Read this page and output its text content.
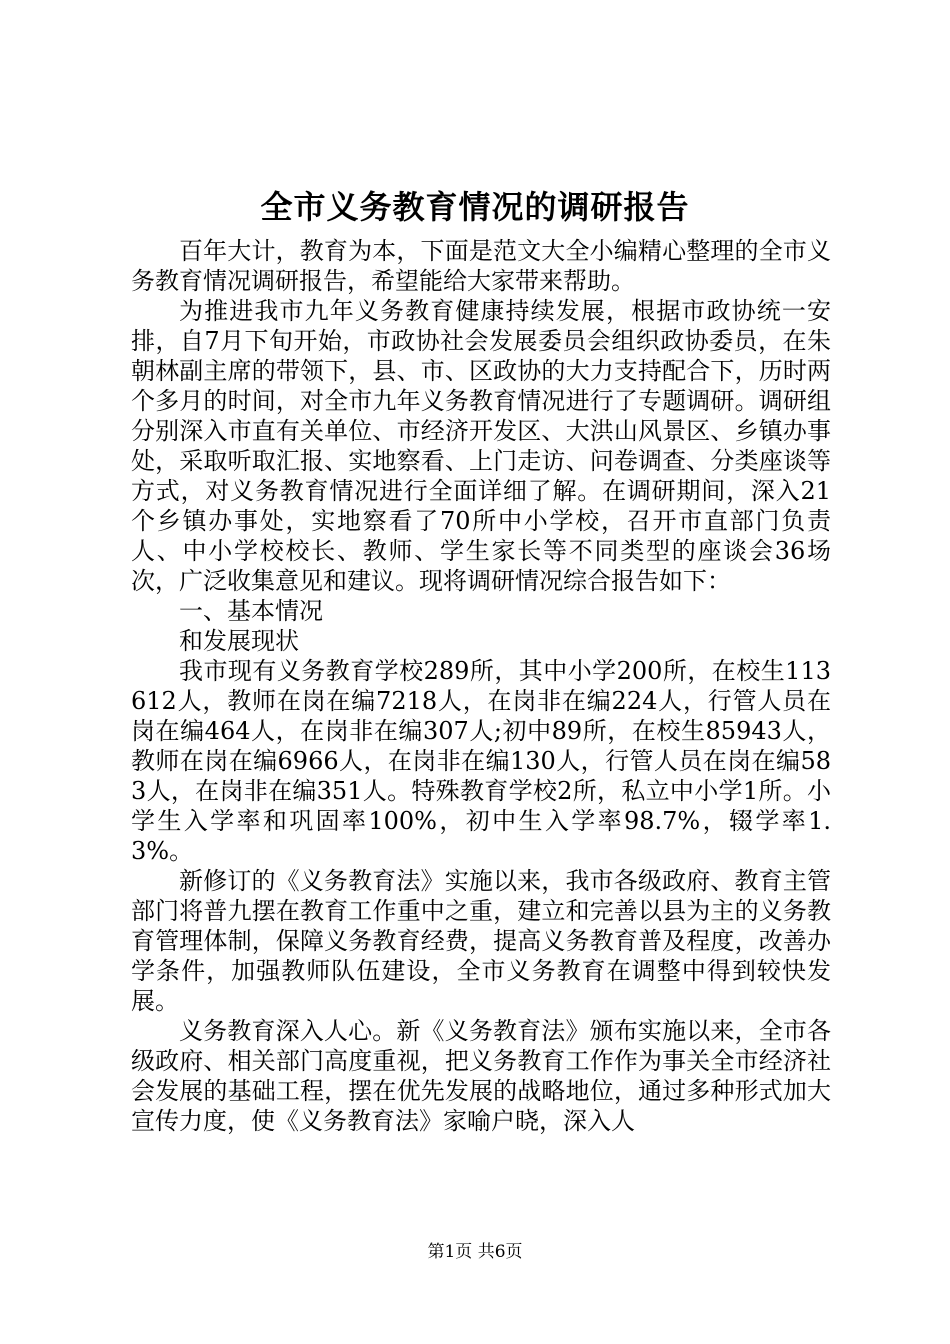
全市义务教育情况的调研报告

百年大计，教育为本，下面是范文大全小编精心整理的全市义务教育情况调研报告，希望能给大家带来帮助。

为推进我市九年义务教育健康持续发展，根据市政协统一安排，自7月下旬开始，市政协社会发展委员会组织政协委员，在朱朝林副主席的带领下，县、市、区政协的大力支持配合下，历时两个多月的时间，对全市九年义务教育情况进行了专题调研。调研组分别深入市直有关单位、市经济开发区、大洪山风景区、乡镇办事处，采取听取汇报、实地察看、上门走访、问卷调查、分类座谈等方式，对义务教育情况进行全面详细了解。在调研期间，深入21个乡镇办事处，实地察看了70所中小学校，召开市直部门负责人、中小学校校长、教师、学生家长等不同类型的座谈会36场次，广泛收集意见和建议。现将调研情况综合报告如下：

一、基本情况

和发展现状

我市现有义务教育学校289所，其中小学200所，在校生113612人，教师在岗在编7218人，在岗非在编224人，行管人员在岗在编464人，在岗非在编307人;初中89所，在校生85943人，教师在岗在编6966人，在岗非在编130人，行管人员在岗在编583人，在岗非在编351人。特殊教育学校2所，私立中小学1所。小学生入学率和巩固率100%，初中生入学率98.7%，辍学率1.3%。

新修订的《义务教育法》实施以来，我市各级政府、教育主管部门将普九摆在教育工作重中之重，建立和完善以县为主的义务教育管理体制，保障义务教育经费，提高义务教育普及程度，改善办学条件，加强教师队伍建设，全市义务教育在调整中得到较快发展。

义务教育深入人心。新《义务教育法》颁布实施以来，全市各级政府、相关部门高度重视，把义务教育工作作为事关全市经济社会发展的基础工程，摆在优先发展的战略地位，通过多种形式加大宣传力度，使《义务教育法》家喻户晓，深入人

第1页 共6页
